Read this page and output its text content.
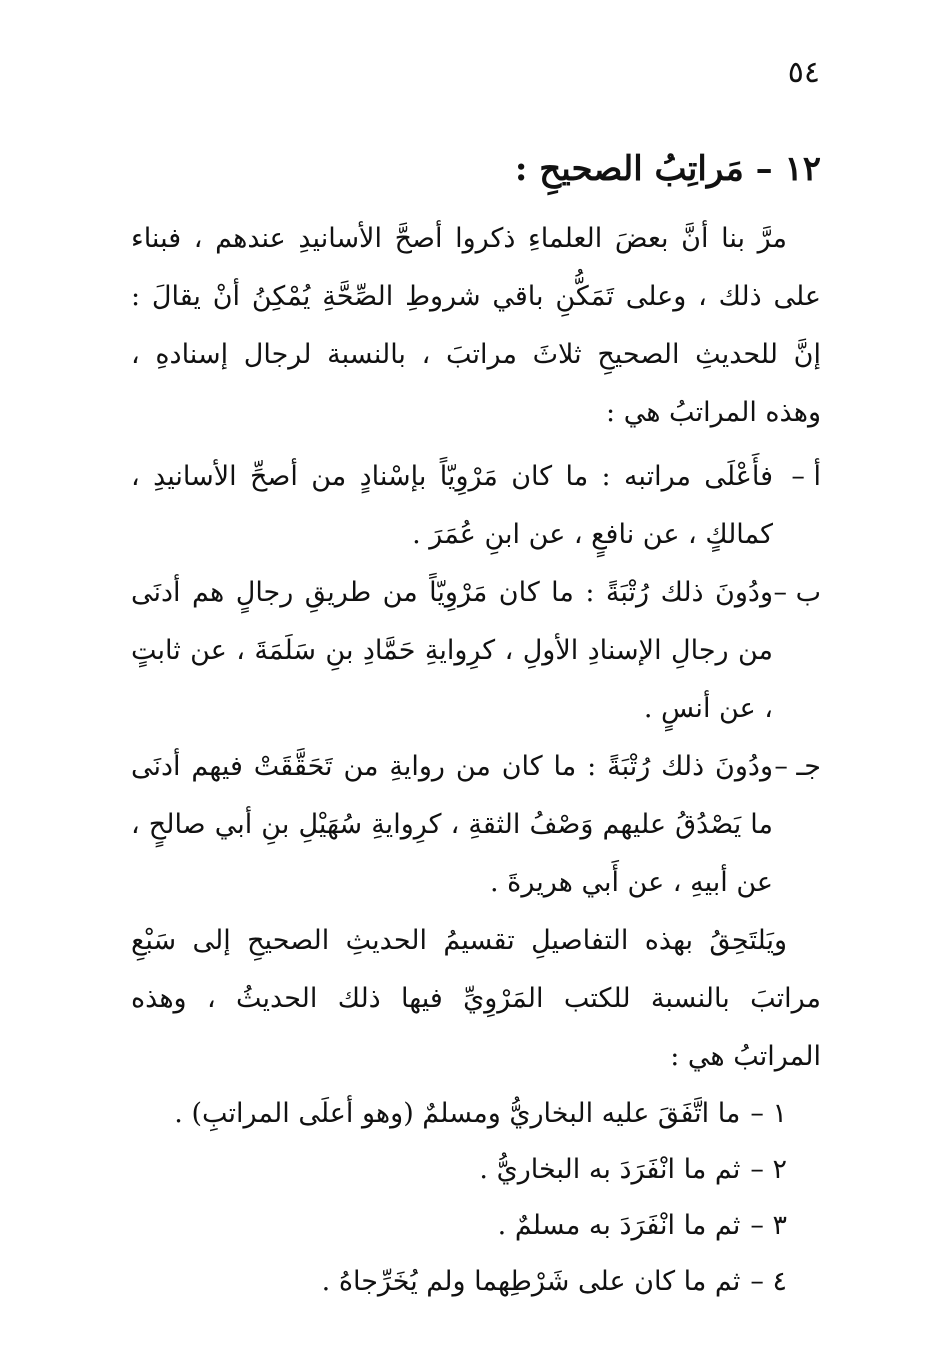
٥٤
١٢ – مَراتِبُ الصحيحِ :

مرَّ بنا أنَّ بعضَ العلماءِ ذكروا أصحَّ الأسانيدِ عندهم ، فبناء على ذلك ، وعلى تَمَكُّنِ باقي شروطِ الصِّحَّةِ يُمْكِنُ أنْ يقالَ : إنَّ للحديثِ الصحيحِ ثلاثَ مراتبَ ، بالنسبة لرجال إسنادهِ ، وهذه المراتبُ هي :

أ –
فأَعْلَى مراتبه : ما كان مَرْوِيّاً بإسْنادٍ من أصحِّ الأسانيدِ ، كمالكٍ ، عن نافعٍ ، عن ابنِ عُمَرَ .
ب –
ودُونَ ذلك رُتْبَةً : ما كان مَرْوِيّاً من طريقِ رجالٍ هم أدنَى من رجالِ الإسنادِ الأولِ ، كرِوايةِ حَمَّادِ بنِ سَلَمَةَ ، عن ثابتٍ ، عن أنسٍ .
جـ –
ودُونَ ذلك رُتْبَةً : ما كان من روايةِ من تَحَقَّقَتْ فيهم أدنَى ما يَصْدُقُ عليهم وَصْفُ الثقةِ ، كرِوايةِ سُهَيْلِ بنِ أبي صالحٍ ، عن أبيهِ ، عن أَبي هريرةَ .

ويَلتَحِقُ بهذه التفاصيلِ تقسيمُ الحديثِ الصحيحِ إلى سَبْعِ مراتبَ بالنسبة للكتب المَرْوِيِّ فيها ذلك الحديثُ ، وهذه المراتبُ هي :

١ –ما اتَّفَقَ عليه البخاريُّ ومسلمٌ (وهو أعلَى المراتبِ) .
٢ –ثم ما انْفَرَدَ به البخاريُّ .
٣ –ثم ما انْفَرَدَ به مسلمٌ .
٤ –ثم ما كان على شَرْطِهما ولم يُخَرِّجاهُ .
